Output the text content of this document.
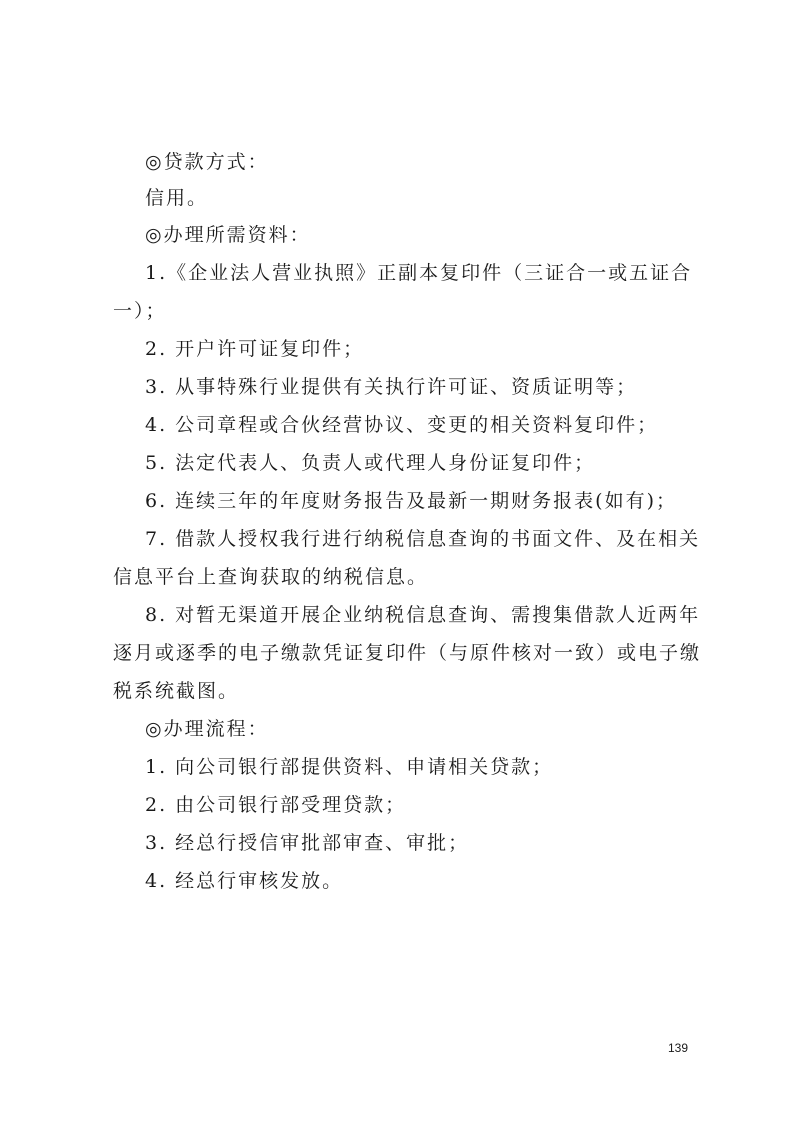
◎贷款方式：
信用。
◎办理所需资料：
1.《企业法人营业执照》正副本复印件（三证合一或五证合
一）；
2. 开户许可证复印件；
3. 从事特殊行业提供有关执行许可证、资质证明等；
4. 公司章程或合伙经营协议、变更的相关资料复印件；
5. 法定代表人、负责人或代理人身份证复印件；
6. 连续三年的年度财务报告及最新一期财务报表(如有)；
7. 借款人授权我行进行纳税信息查询的书面文件、及在相关
信息平台上查询获取的纳税信息。
8. 对暂无渠道开展企业纳税信息查询、需搜集借款人近两年
逐月或逐季的电子缴款凭证复印件（与原件核对一致）或电子缴
税系统截图。
◎办理流程：
1. 向公司银行部提供资料、申请相关贷款；
2. 由公司银行部受理贷款；
3. 经总行授信审批部审查、审批；
4. 经总行审核发放。
139
